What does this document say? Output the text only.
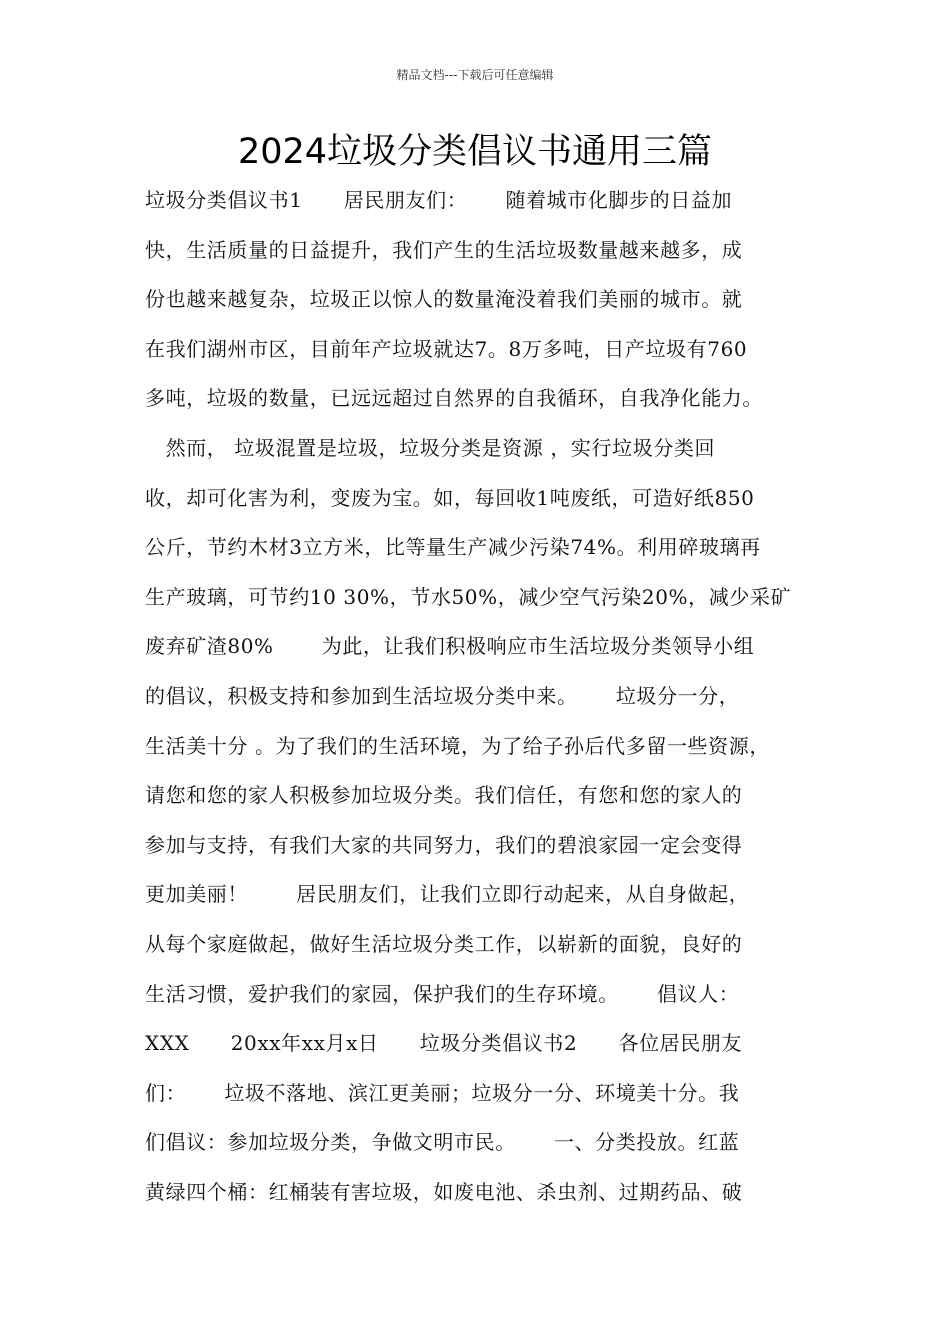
精品文档---下载后可任意编辑
2024垃圾分类倡议书通用三篇
垃圾分类倡议书1　　居民朋友们：　　 随着城市化脚步的日益加
快，生活质量的日益提升，我们产生的生活垃圾数量越来越多，成
份也越来越复杂，垃圾正以惊人的数量淹没着我们美丽的城市。就
在我们湖州市区，目前年产垃圾就达7。8万多吨，日产垃圾有760
多吨，垃圾的数量，已远远超过自然界的自我循环，自我净化能力。
　然而， 垃圾混置是垃圾，垃圾分类是资源 ，实行垃圾分类回
收，却可化害为利，变废为宝。如，每回收1吨废纸，可造好纸850
公斤，节约木材3立方米，比等量生产减少污染74%。利用碎玻璃再
生产玻璃，可节约10 30%，节水50%，减少空气污染20%，减少采矿
废弃矿渣80%　　 为此，让我们积极响应市生活垃圾分类领导小组
的倡议，积极支持和参加到生活垃圾分类中来。　　 垃圾分一分，
生活美十分 。为了我们的生活环境，为了给子孙后代多留一些资源，
请您和您的家人积极参加垃圾分类。我们信任，有您和您的家人的
参加与支持，有我们大家的共同努力，我们的碧浪家园一定会变得
更加美丽！　　 居民朋友们，让我们立即行动起来，从自身做起，
从每个家庭做起，做好生活垃圾分类工作，以崭新的面貌，良好的
生活习惯，爱护我们的家园，保护我们的生存环境。　　 倡议人：
XXX　　20xx年xx月x日　　垃圾分类倡议书2　　各位居民朋友
们：　　 垃圾不落地、滨江更美丽；垃圾分一分、环境美十分。我
们倡议：参加垃圾分类，争做文明市民。　　 一、分类投放。红蓝
黄绿四个桶：红桶装有害垃圾，如废电池、杀虫剂、过期药品、破
